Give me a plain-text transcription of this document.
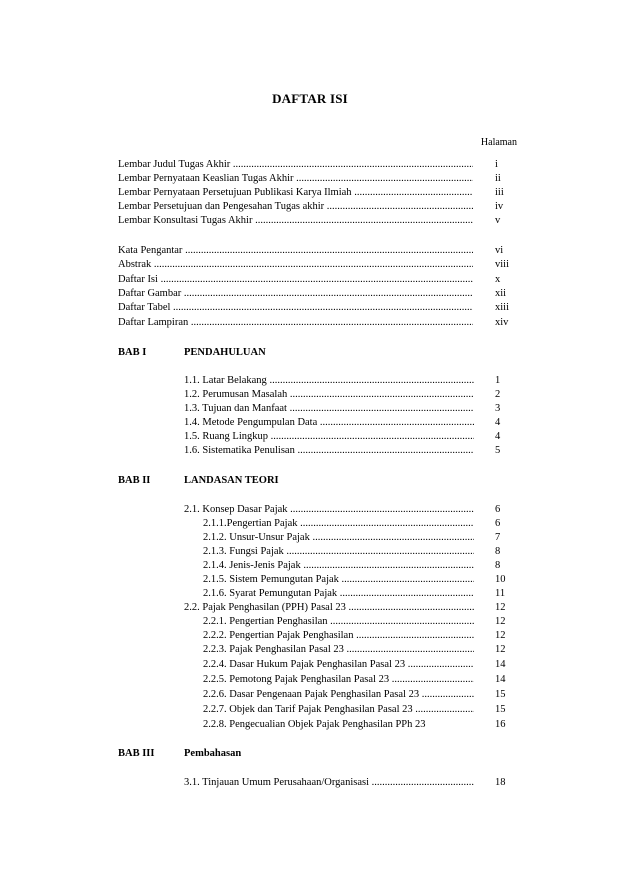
DAFTAR ISI
Halaman
Lembar Judul Tugas Akhir .....	i
Lembar Pernyataan Keaslian Tugas Akhir .....	ii
Lembar Pernyataan Persetujuan Publikasi Karya Ilmiah .....	iii
Lembar Persetujuan dan Pengesahan Tugas akhir .....	iv
Lembar Konsultasi Tugas Akhir .....	v
Kata Pengantar .....	vi
Abstrak .....	viii
Daftar Isi .....	x
Daftar Gambar .....	xii
Daftar Tabel .....	xiii
Daftar Lampiran .....	xiv
BAB I	PENDAHULUAN
1.1. Latar Belakang .....	1
1.2. Perumusan Masalah .....	2
1.3. Tujuan dan Manfaat .....	3
1.4. Metode Pengumpulan Data .....	4
1.5. Ruang Lingkup .....	4
1.6. Sistematika Penulisan .....	5
BAB II	LANDASAN TEORI
2.1. Konsep Dasar Pajak .....	6
2.1.1.Pengertian Pajak .....	6
2.1.2. Unsur-Unsur Pajak .....	7
2.1.3. Fungsi Pajak .....	8
2.1.4. Jenis-Jenis Pajak .....	8
2.1.5. Sistem Pemungutan Pajak .....	10
2.1.6. Syarat Pemungutan Pajak .....	11
2.2. Pajak Penghasilan (PPH) Pasal 23 .....	12
2.2.1. Pengertian Penghasilan .....	12
2.2.2. Pengertian Pajak Penghasilan .....	12
2.2.3. Pajak Penghasilan Pasal 23 .....	12
2.2.4. Dasar Hukum Pajak Penghasilan Pasal 23 .....	14
2.2.5. Pemotong Pajak Penghasilan Pasal 23 .....	14
2.2.6. Dasar Pengenaan Pajak Penghasilan Pasal 23 .....	15
2.2.7. Objek dan Tarif Pajak Penghasilan Pasal 23 .....	15
2.2.8. Pengecualian Objek Pajak Penghasilan PPh 23	16
BAB III	Pembahasan
3.1. Tinjauan Umum Perusahaan/Organisasi .....	18
